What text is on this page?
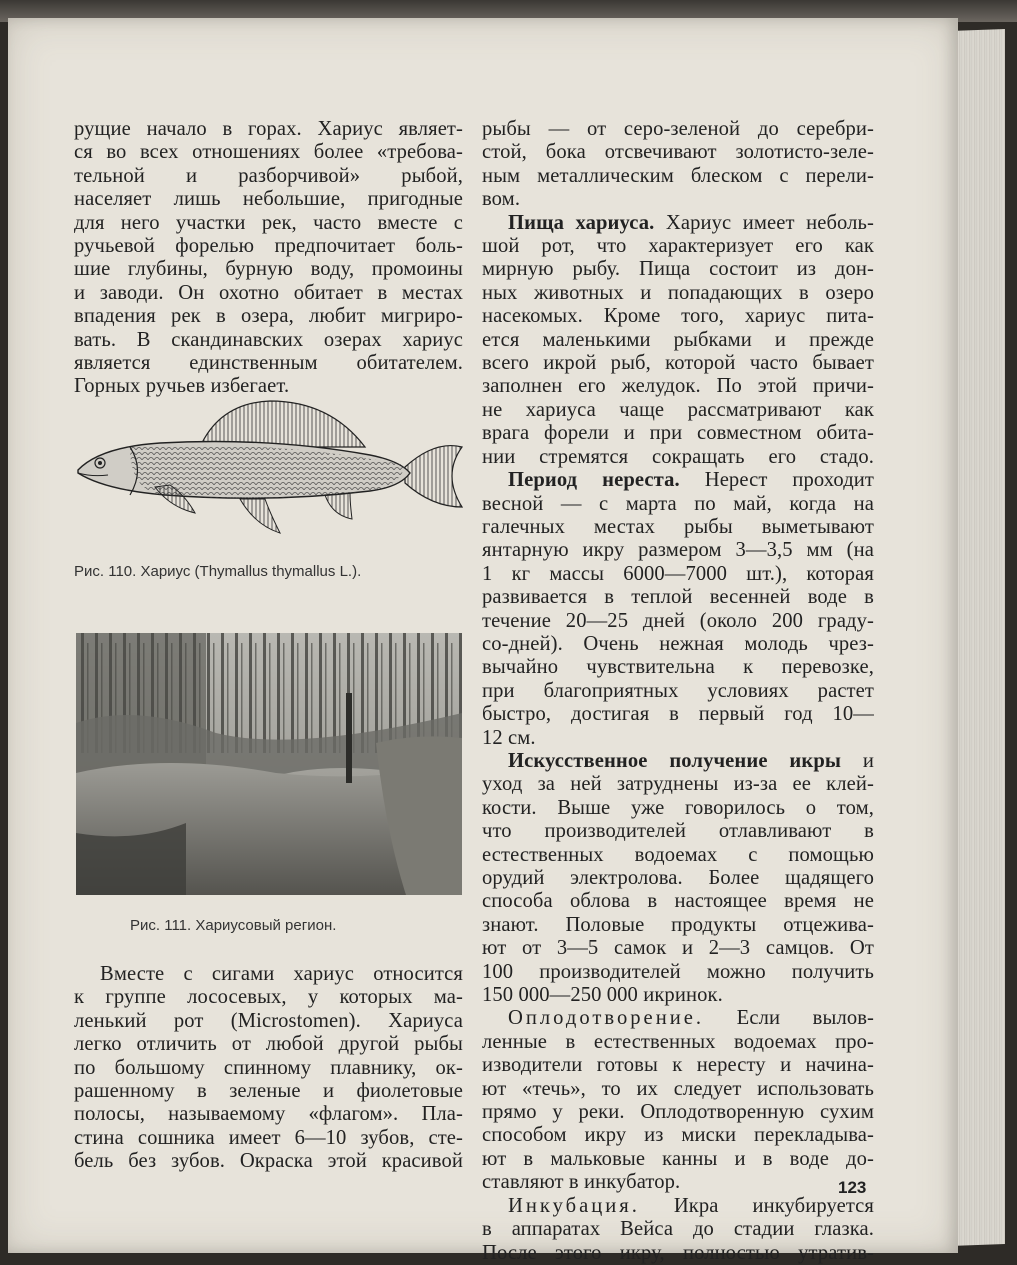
рущие начало в горах. Хариус являет-

ся во всех отношениях более «требова-

тельной и разборчивой» рыбой,

населяет лишь небольшие, пригодные

для него участки рек, часто вместе с

ручьевой форелью предпочитает боль-

шие глубины, бурную воду, промоины

и заводи. Он охотно обитает в местах

впадения рек в озера, любит мигриро-

вать. В скандинавских озерах хариус

является единственным обитателем.

Горных ручьев избегает.

Рис. 110. Хариус (Thymallus thymallus L.).
Рис. 111. Хариусовый регион.

Вместе с сигами хариус относится

к группе лососевых, у которых ма-

ленький рот (Microstomen). Хариуса

легко отличить от любой другой рыбы

по большому спинному плавнику, ок-

рашенному в зеленые и фиолетовые

полосы, называемому «флагом». Пла-

стина сошника имеет 6—10 зубов, сте-

бель без зубов. Окраска этой красивой

рыбы — от серо-зеленой до серебри-

стой, бока отсвечивают золотисто-зеле-

ным металлическим блеском с перели-

вом.

Пища хариуса. Хариус имеет неболь-

шой рот, что характеризует его как

мирную рыбу. Пища состоит из дон-

ных животных и попадающих в озеро

насекомых. Кроме того, хариус пита-

ется маленькими рыбками и прежде

всего икрой рыб, которой часто бывает

заполнен его желудок. По этой причи-

не хариуса чаще рассматривают как

врага форели и при совместном обита-

нии стремятся сокращать его стадо.

Период нереста. Нерест проходит

весной — с марта по май, когда на

галечных местах рыбы выметывают

янтарную икру размером 3—3,5 мм (на

1 кг массы 6000—7000 шт.), которая

развивается в теплой весенней воде в

течение 20—25 дней (около 200 граду-

со-дней). Очень нежная молодь чрез-

вычайно чувствительна к перевозке,

при благоприятных условиях растет

быстро, достигая в первый год 10—

12 см.

Искусственное получение икры и

уход за ней затруднены из-за ее клей-

кости. Выше уже говорилось о том,

что производителей отлавливают в

естественных водоемах с помощью

орудий электролова. Более щадящего

способа облова в настоящее время не

знают. Половые продукты отцежива-

ют от 3—5 самок и 2—3 самцов. От

100 производителей можно получить

150 000—250 000 икринок.

Оплодотворение. Если вылов-

ленные в естественных водоемах про-

изводители готовы к нересту и начина-

ют «течь», то их следует использовать

прямо у реки. Оплодотворенную сухим

способом икру из миски перекладыва-

ют в мальковые канны и в воде до-

ставляют в инкубатор.

Инкубация. Икра инкубируется

в аппаратах Вейса до стадии глазка.

После этого икру, полностью утратив-

123
